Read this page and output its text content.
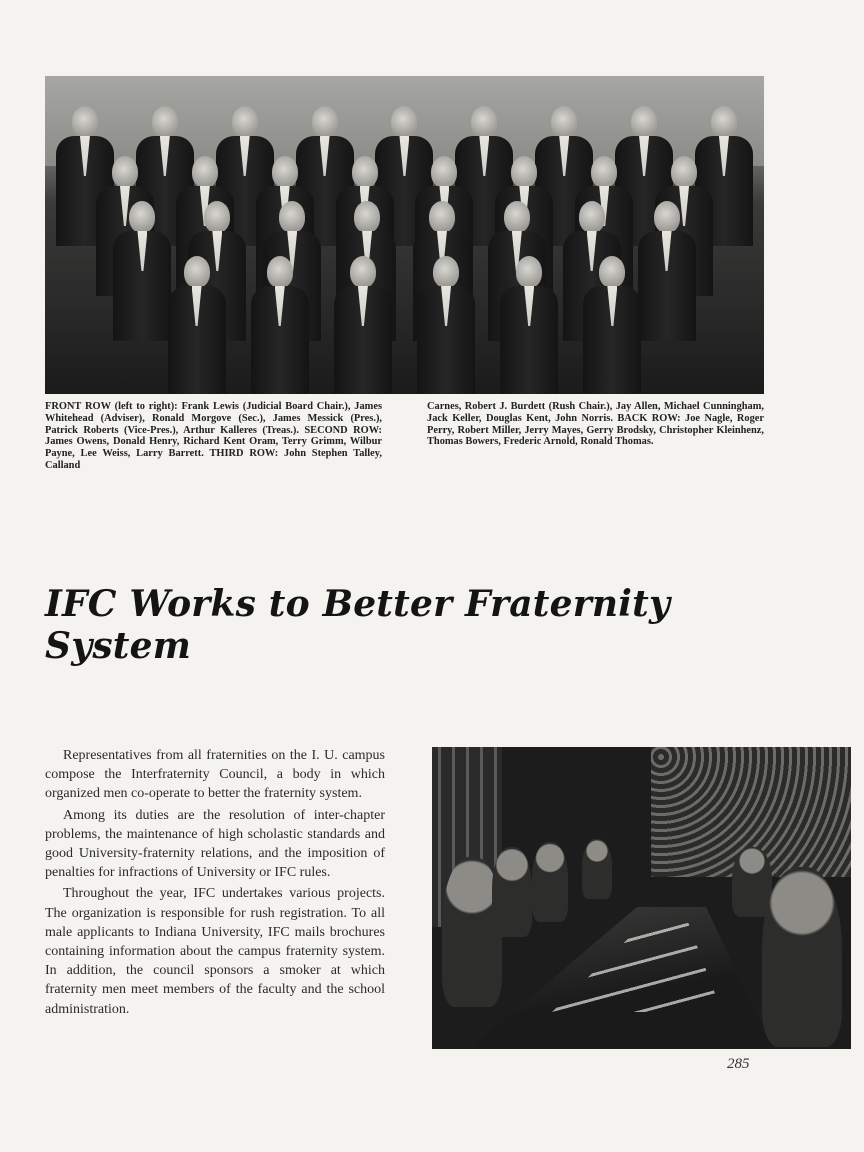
FRONT ROW (left to right): Frank Lewis (Judicial Board Chair.), James Whitehead (Adviser), Ronald Morgove (Sec.), James Messick (Pres.), Patrick Roberts (Vice-Pres.), Arthur Kalleres (Treas.). SECOND ROW: James Owens, Donald Henry, Richard Kent Oram, Terry Grimm, Wilbur Payne, Lee Weiss, Larry Barrett. THIRD ROW: John Stephen Talley, Calland
Carnes, Robert J. Burdett (Rush Chair.), Jay Allen, Michael Cunningham, Jack Keller, Douglas Kent, John Norris. BACK ROW: Joe Nagle, Roger Perry, Robert Miller, Jerry Mayes, Gerry Brodsky, Christopher Kleinhenz, Thomas Bowers, Frederic Arnold, Ronald Thomas.
IFC Works to Better Fraternity System

Representatives from all fraternities on the I. U. campus compose the Interfraternity Council, a body in which organized men co-operate to better the fraternity system.

Among its duties are the resolution of inter-chapter problems, the maintenance of high scholastic standards and good University-fraternity relations, and the imposition of penalties for infractions of University or IFC rules.

Throughout the year, IFC undertakes various projects. The organization is responsible for rush registration. To all male applicants to Indiana University, IFC mails brochures containing information about the campus fraternity system. In addition, the council sponsors a smoker at which fraternity men meet members of the faculty and the school administration.

285
